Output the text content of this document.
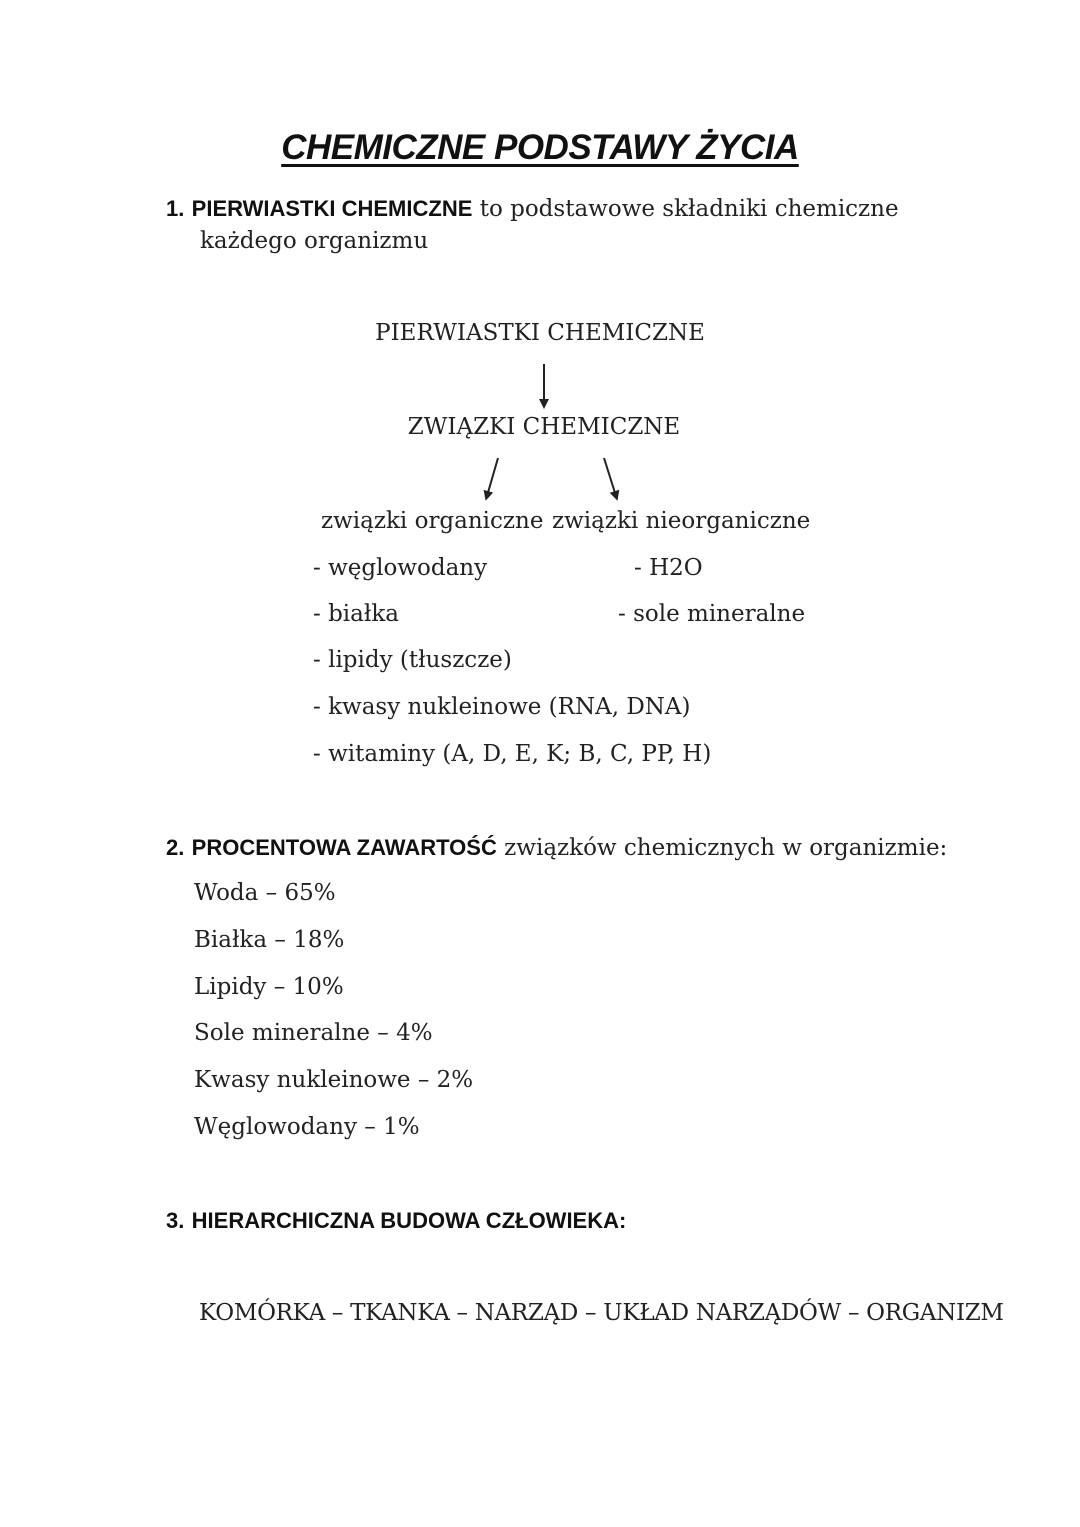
CHEMICZNE PODSTAWY ŻYCIA
1. PIERWIASTKI CHEMICZNE to podstawowe składniki chemiczne
każdego organizmu
PIERWIASTKI CHEMICZNE
ZWIĄZKI CHEMICZNE
związki organiczne związki nieorganiczne
- węglowodany
- białka
- lipidy (tłuszcze)
- kwasy nukleinowe (RNA, DNA)
- witaminy (A, D, E, K; B, C, PP, H)
- H2O
- sole mineralne
2. PROCENTOWA ZAWARTOŚĆ związków chemicznych w organizmie:
Woda – 65%
Białka – 18%
Lipidy – 10%
Sole mineralne – 4%
Kwasy nukleinowe – 2%
Węglowodany – 1%
3. HIERARCHICZNA BUDOWA CZŁOWIEKA:
KOMÓRKA – TKANKA – NARZĄD – UKŁAD NARZĄDÓW – ORGANIZM
